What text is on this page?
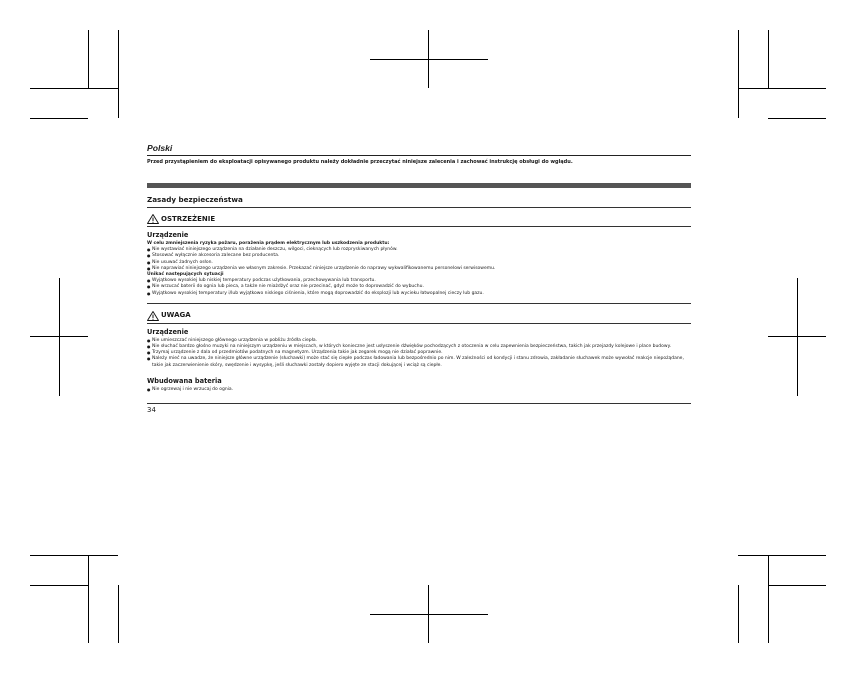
Polski

Przed przystąpieniem do eksploatacji opisywanego produktu należy dokładnie przeczytać niniejsze zalecenia i zachować instrukcję obsługi do wglądu.

Zasady bezpieczeństwa

OSTRZEŻENIE

Urządzenie

W celu zmniejszenia ryzyka pożaru, porażenia prądem elektrycznym lub uszkodzenia produktu:

● Nie wystawiać niniejszego urządzenia na działanie deszczu, wilgoci, cieknących lub rozpryskiwanych płynów.
● Stosować wyłącznie akcesoria zalecane bez producenta.
● Nie usuwać żadnych osłon.
● Nie naprawiać niniejszego urządzenia we własnym zakresie. Przekazać niniejsze urządzenie do naprawy wykwalifikowanemu personelowi serwisowemu.

Unikać następujących sytuacji

● Wyjątkowo wysokiej lub niskiej temperatury podczas użytkowania, przechowywania lub transportu.
● Nie wrzucać baterii do ognia lub pieca, a także nie miażdżyć oraz nie przecinać, gdyż może to doprowadzić do wybuchu.
● Wyjątkowo wysokiej temperatury i/lub wyjątkowo niskiego ciśnienia, które mogą doprowadzić do eksplozji lub wycieku łatwopalnej cieczy lub gazu.
UWAGA

Urządzenie

● Nie umieszczać niniejszego głównego urządzenia w pobliżu źródła ciepła.
● Nie słuchać bardzo głośno muzyki na niniejszym urządzeniu w miejscach, w których konieczne jest usłyszenie dźwięków pochodzących z otoczenia w celu zapewnienia bezpieczeństwa, takich jak przejazdy kolejowe i place budowy.
● Trzymaj urządzenie z dala od przedmiotów podatnych na magnetyzm. Urządzenia takie jak zegarek mogą nie działać poprawnie.
● Należy mieć na uwadze, że niniejsze główne urządzenie (słuchawki) może stać się ciepłe podczas ładowania lub bezpośrednio po nim. W zależności od kondycji i stanu zdrowia, zakładanie słuchawek może wywołać reakcje niepożądane, takie jak zaczerwienienie skóry, swędzenie i wysypkę, jeśli słuchawki zostały dopiero wyjęte ze stacji dokującej i wciąż są ciepłe.

Wbudowana bateria

● Nie ogrzewaj i nie wrzucaj do ognia.
34
